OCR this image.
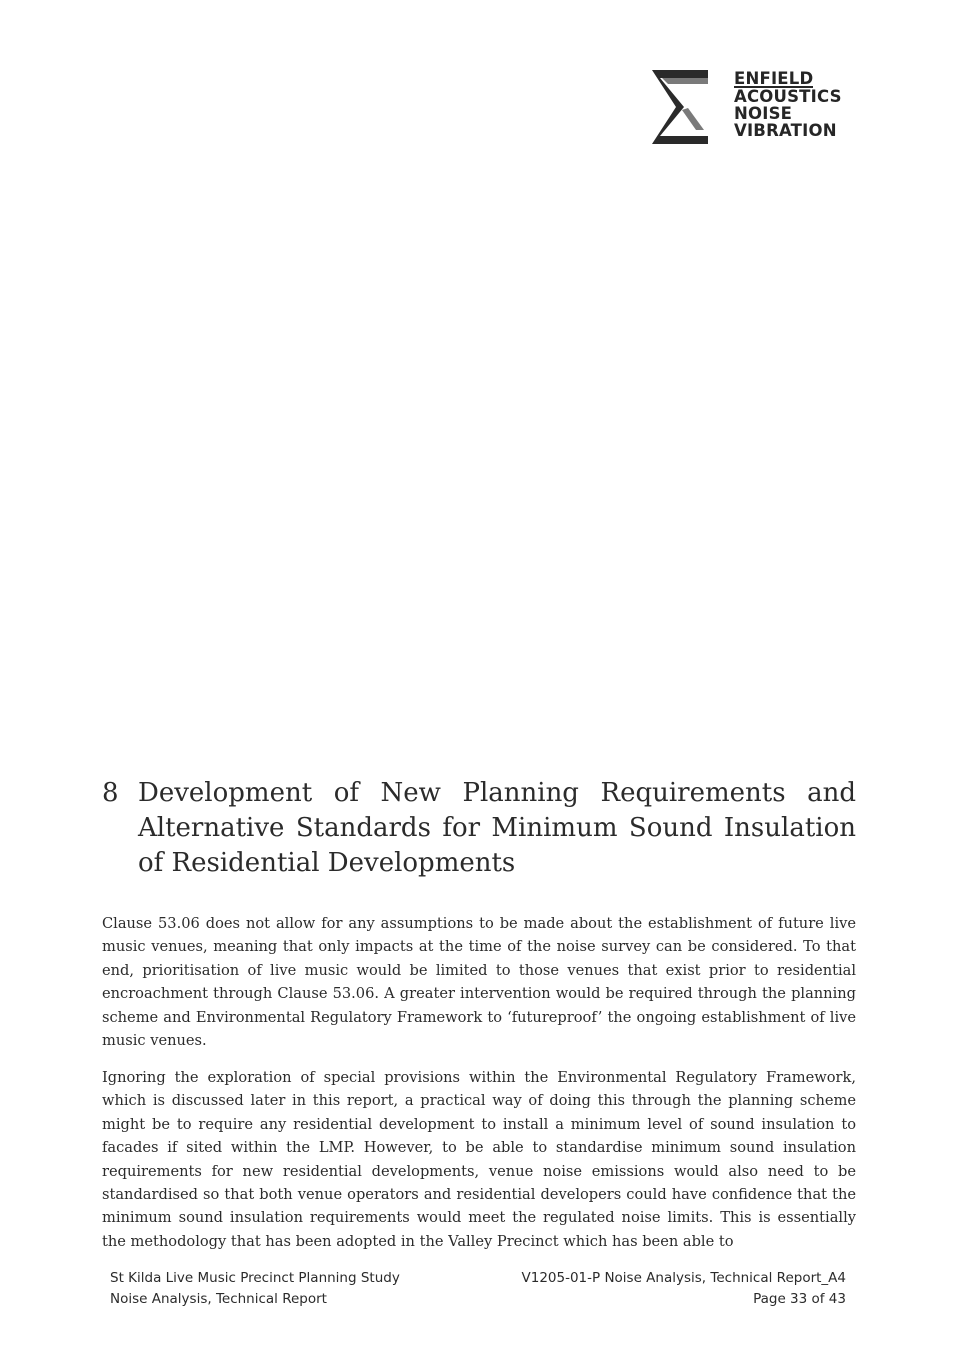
ENFIELD
ACOUSTICS
NOISE
VIBRATION
8 Development of New Planning Requirements and
Alternative Standards for Minimum Sound Insulation of Residential Developments

Clause 53.06 does not allow for any assumptions to be made about the establishment of future live music venues, meaning that only impacts at the time of the noise survey can be considered. To that end, prioritisation of live music would be limited to those venues that exist prior to residential encroachment through Clause 53.06. A greater intervention would be required through the planning scheme and Environmental Regulatory Framework to ‘futureproof’ the ongoing establishment of live music venues.

Ignoring the exploration of special provisions within the Environmental Regulatory Framework, which is discussed later in this report, a practical way of doing this through the planning scheme might be to require any residential development to install a minimum level of sound insulation to facades if sited within the LMP. However, to be able to standardise minimum sound insulation requirements for new residential developments, venue noise emissions would also need to be standardised so that both venue operators and residential developers could have confidence that the minimum sound insulation requirements would meet the regulated noise limits. This is essentially the methodology that has been adopted in the Valley Precinct which has been able to

St Kilda Live Music Precinct Planning Study
Noise Analysis, Technical Report
V1205-01-P Noise Analysis, Technical Report_A4
Page 33 of 43
